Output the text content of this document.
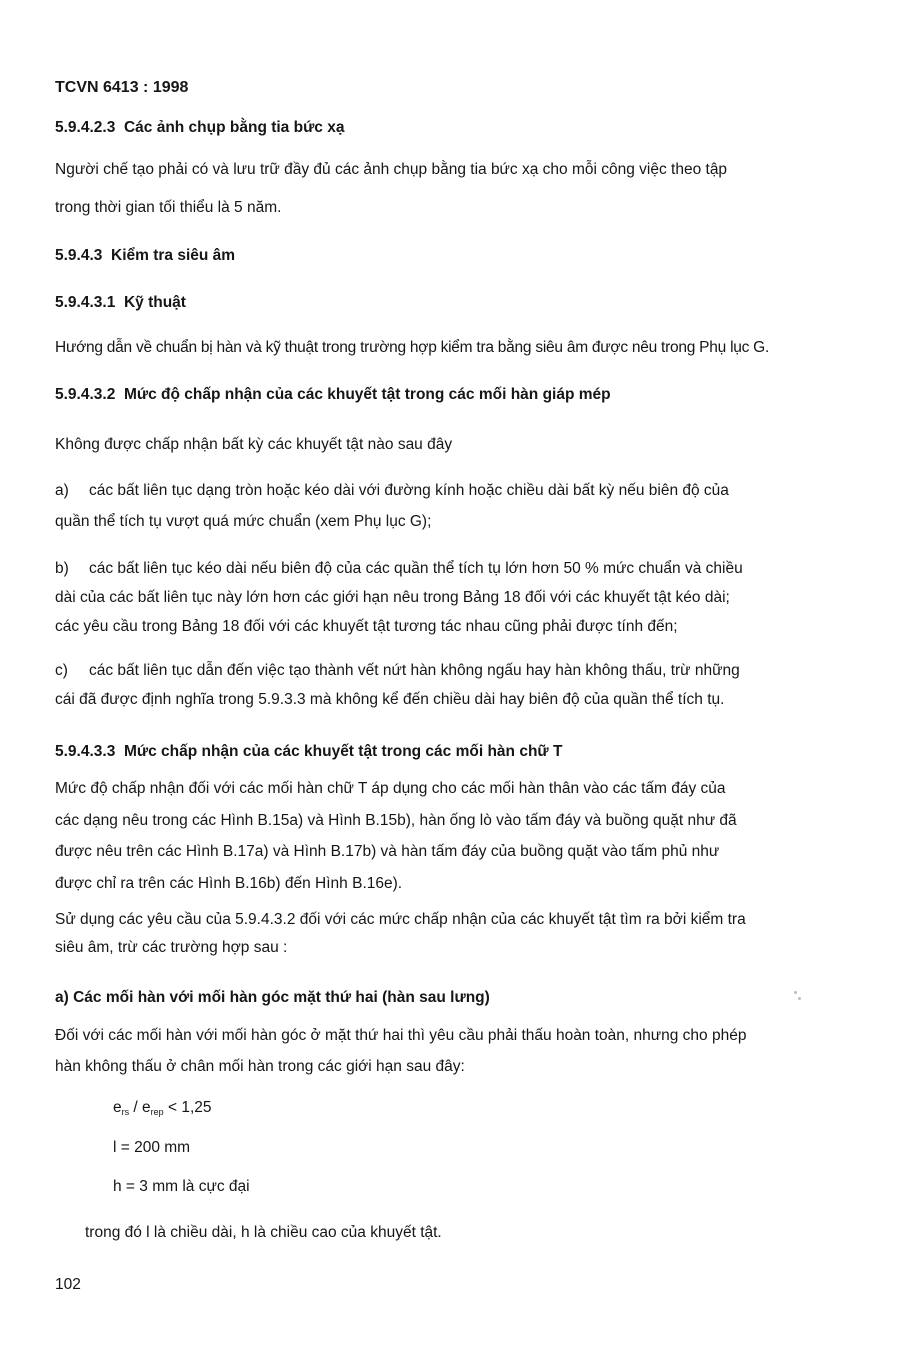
TCVN 6413 : 1998
5.9.4.2.3 Các ảnh chụp bằng tia bức xạ
Người chế tạo phải có và lưu trữ đầy đủ các ảnh chụp bằng tia bức xạ cho mỗi công việc theo tập
trong thời gian tối thiểu là 5 năm.
5.9.4.3 Kiểm tra siêu âm
5.9.4.3.1 Kỹ thuật
Hướng dẫn về chuẩn bị hàn và kỹ thuật trong trường hợp kiểm tra bằng siêu âm được nêu trong Phụ lục G.
5.9.4.3.2 Mức độ chấp nhận của các khuyết tật trong các mối hàn giáp mép
Không được chấp nhận bất kỳ các khuyết tật nào sau đây
a) các bất liên tục dạng tròn hoặc kéo dài với đường kính hoặc chiều dài bất kỳ nếu biên độ của
quần thể tích tụ vượt quá mức chuẩn (xem Phụ lục G);
b) các bất liên tục kéo dài nếu biên độ của các quần thể tích tụ lớn hơn 50 % mức chuẩn và chiều
dài của các bất liên tục này lớn hơn các giới hạn nêu trong Bảng 18 đối với các khuyết tật kéo dài;
các yêu cầu trong Bảng 18 đối với các khuyết tật tương tác nhau cũng phải được tính đến;
c) các bất liên tục dẫn đến việc tạo thành vết nứt hàn không ngấu hay hàn không thấu, trừ những
cái đã được định nghĩa trong 5.9.3.3 mà không kể đến chiều dài hay biên độ của quần thể tích tụ.
5.9.4.3.3 Mức chấp nhận của các khuyết tật trong các mối hàn chữ T
Mức độ chấp nhận đối với các mối hàn chữ T áp dụng cho các mối hàn thân vào các tấm đáy của
các dạng nêu trong các Hình B.15a) và Hình B.15b), hàn ống lò vào tấm đáy và buồng quặt như đã
được nêu trên các Hình B.17a) và Hình B.17b) và hàn tấm đáy của buồng quặt vào tấm phủ như
được chỉ ra trên các Hình B.16b) đến Hình B.16e).
Sử dụng các yêu cầu của 5.9.4.3.2 đối với các mức chấp nhận của các khuyết tật tìm ra bởi kiểm tra
siêu âm, trừ các trường hợp sau :
a) Các mối hàn với mối hàn góc mặt thứ hai (hàn sau lưng)
Đối với các mối hàn với mối hàn góc ở mặt thứ hai thì yêu cầu phải thấu hoàn toàn, nhưng cho phép
hàn không thấu ở chân mối hàn trong các giới hạn sau đây:
$e_{rs} / e_{rep} < 1,25$
l = 200 mm
h = 3 mm là cực đại
trong đó l là chiều dài, h là chiều cao của khuyết tật.
102
